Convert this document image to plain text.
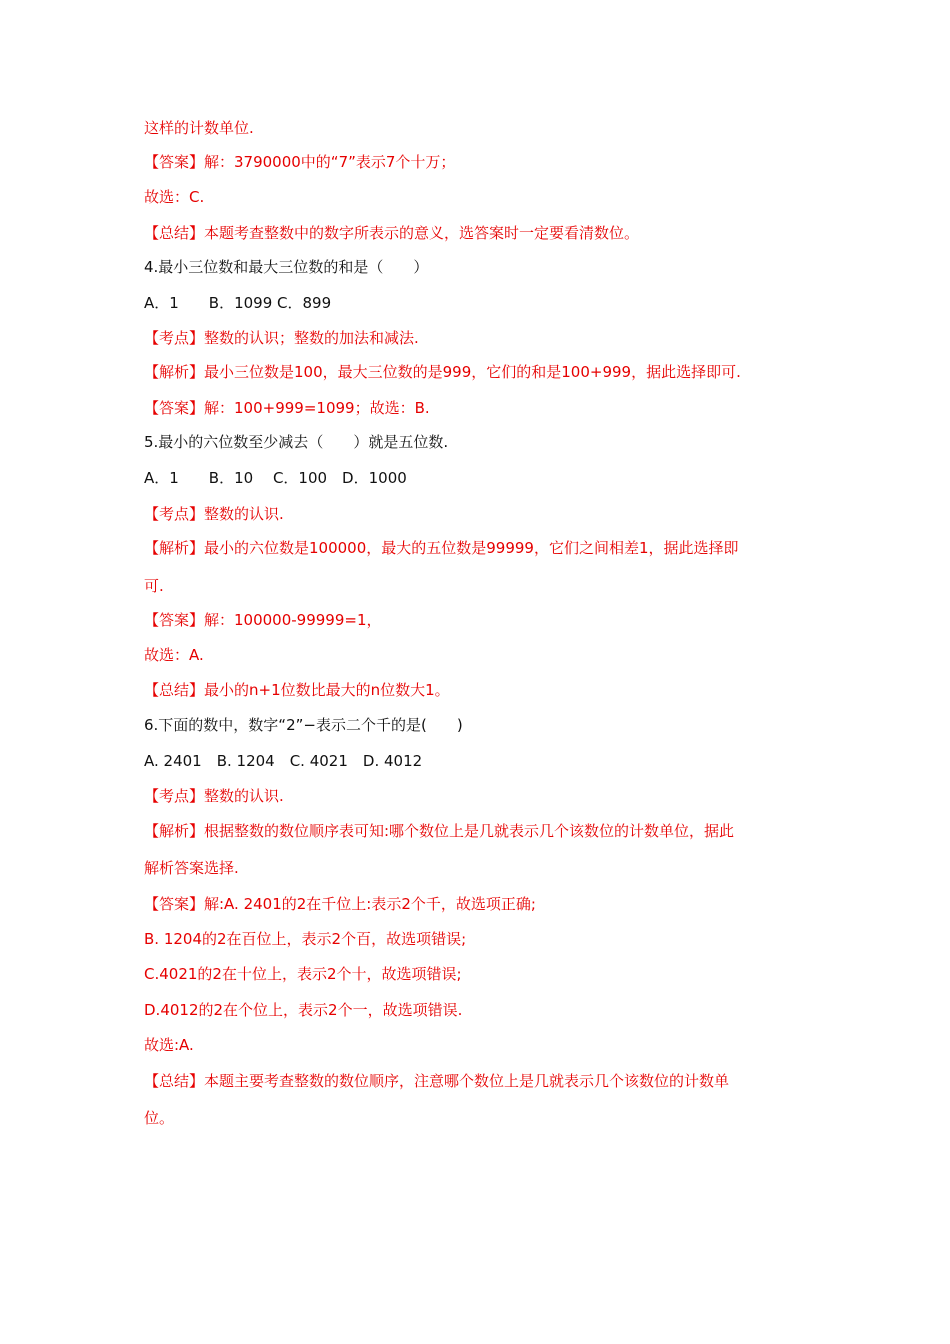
这样的计数单位.
【答案】解：3790000中的“7”表示7个十万；
故选：C.
【总结】本题考查整数中的数字所表示的意义，选答案时一定要看清数位。
4.最小三位数和最大三位数的和是（　　）
A．1　　B．1099 C．899
【考点】整数的认识；整数的加法和减法.
【解析】最小三位数是100，最大三位数的是999，它们的和是100+999，据此选择即可.
【答案】解：100+999=1099；故选：B.
5.最小的六位数至少减去（　　）就是五位数.
A．1　　B．10　 C．100　D．1000
【考点】整数的认识.
【解析】最小的六位数是100000，最大的五位数是99999，它们之间相差1，据此选择即
可.
【答案】解：100000-99999=1，
故选：A.
【总结】最小的n+1位数比最大的n位数大1。
6.下面的数中，数字“2”−表示二个千的是(　　)
A. 2401　B. 1204　C. 4021　D. 4012
【考点】整数的认识.
【解析】根据整数的数位顺序表可知:哪个数位上是几就表示几个该数位的计数单位，据此
解析答案选择.
【答案】解:A. 2401的2在千位上:表示2个千，故选项正确;
B. 1204的2在百位上，表示2个百，故选项错误;
C.4021的2在十位上，表示2个十，故选项错误;
D.4012的2在个位上，表示2个一，故选项错误.
故选:A.
【总结】本题主要考查整数的数位顺序，注意哪个数位上是几就表示几个该数位的计数单
位。
